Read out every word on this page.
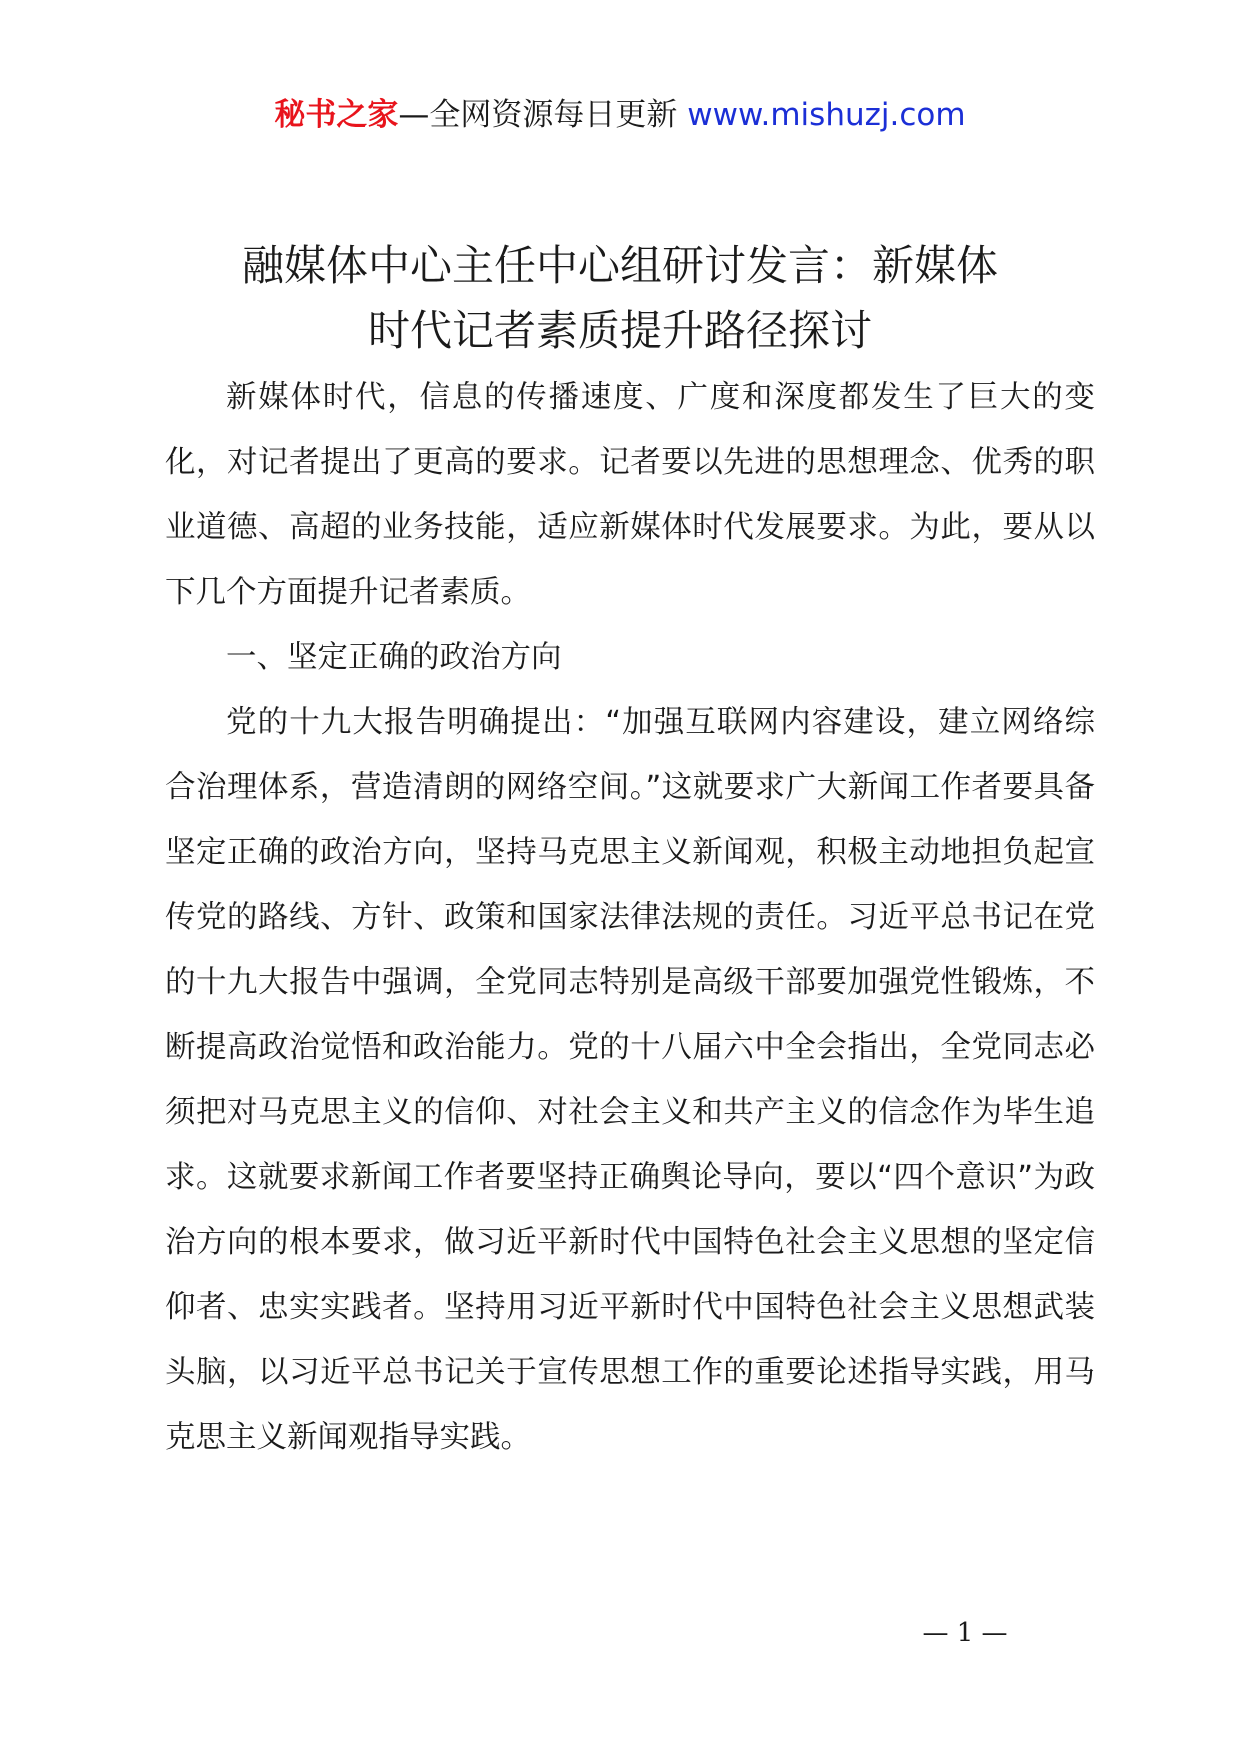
秘书之家—全网资源每日更新 www.mishuzj.com
融媒体中心主任中心组研讨发言：新媒体
时代记者素质提升路径探讨

新媒体时代，信息的传播速度、广度和深度都发生了巨大的变化，对记者提出了更高的要求。记者要以先进的思想理念、优秀的职业道德、高超的业务技能，适应新媒体时代发展要求。为此，要从以下几个方面提升记者素质。

一、坚定正确的政治方向

党的十九大报告明确提出：“加强互联网内容建设，建立网络综合治理体系，营造清朗的网络空间。”这就要求广大新闻工作者要具备坚定正确的政治方向，坚持马克思主义新闻观，积极主动地担负起宣传党的路线、方针、政策和国家法律法规的责任。习近平总书记在党的十九大报告中强调，全党同志特别是高级干部要加强党性锻炼，不断提高政治觉悟和政治能力。党的十八届六中全会指出，全党同志必须把对马克思主义的信仰、对社会主义和共产主义的信念作为毕生追求。这就要求新闻工作者要坚持正确舆论导向，要以“四个意识”为政治方向的根本要求，做习近平新时代中国特色社会主义思想的坚定信仰者、忠实实践者。坚持用习近平新时代中国特色社会主义思想武装头脑，以习近平总书记关于宣传思想工作的重要论述指导实践，用马克思主义新闻观指导实践。

— 1 —
